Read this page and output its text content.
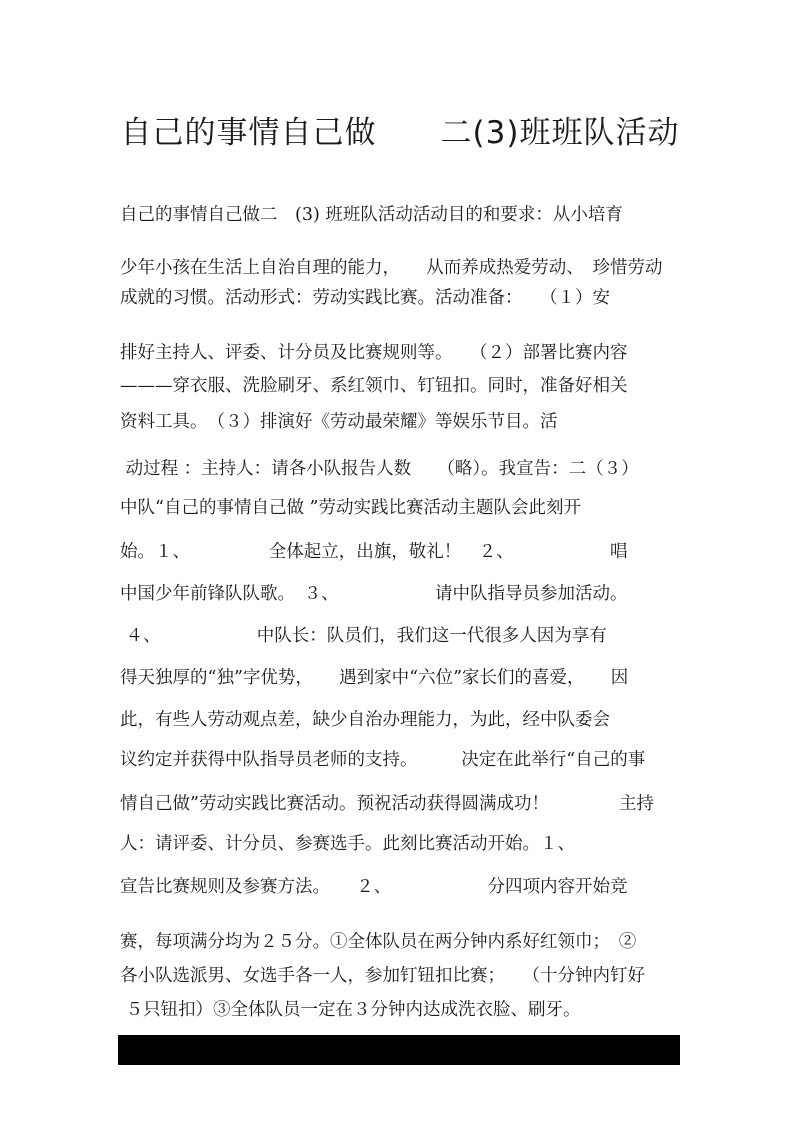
自己的事情自己做　　二(3)班班队活动
自己的事情自己做二　(3) 班班队活动活动目的和要求：从小培育
少年小孩在生活上自治自理的能力，　　从而养成热爱劳动、　珍惜劳动
成就的习惯。活动形式：劳动实践比赛。活动准备：　　（１）安
排好主持人、评委、计分员及比赛规则等。　　（２）部署比赛内容
———穿衣服、洗脸刷牙、系红领巾、钉钮扣。同时，准备好相关
资料工具。　（３）排演好《劳动最荣耀》等娱乐节目。活
动过程 ：主持人：请各小队报告人数　　（略）。我宣告：二（３）
中队“自己的事情自己做 ”劳动实践比赛活动主题队会此刻开
始。１、　　　　　全体起立，出旗，敬礼！　２、　　　　　　唱
中国少年前锋队队歌。　３、　　　　　　请中队指导员参加活动。
４、　　　　　　中队长：队员们，我们这一代很多人因为享有
得天独厚的“独”字优势，　　遇到家中“六位”家长们的喜爱，　　因
此，有些人劳动观点差，缺少自治办理能力，为此，经中队委会
议约定并获得中队指导员老师的支持。　　　决定在此举行“自己的事
情自己做”劳动实践比赛活动。预祝活动获得圆满成功！　　　　主持
人：请评委、计分员、参赛选手。此刻比赛活动开始。１、
宣告比赛规则及参赛方法。　　２、　　　　　　分四项内容开始竞
赛，每项满分均为２５分。①全体队员在两分钟内系好红领巾；　②
各小队选派男、女选手各一人，参加钉钮扣比赛；　　（十分钟内钉好
５只钮扣）③全体队员一定在３分钟内达成洗衣脸、刷牙。
